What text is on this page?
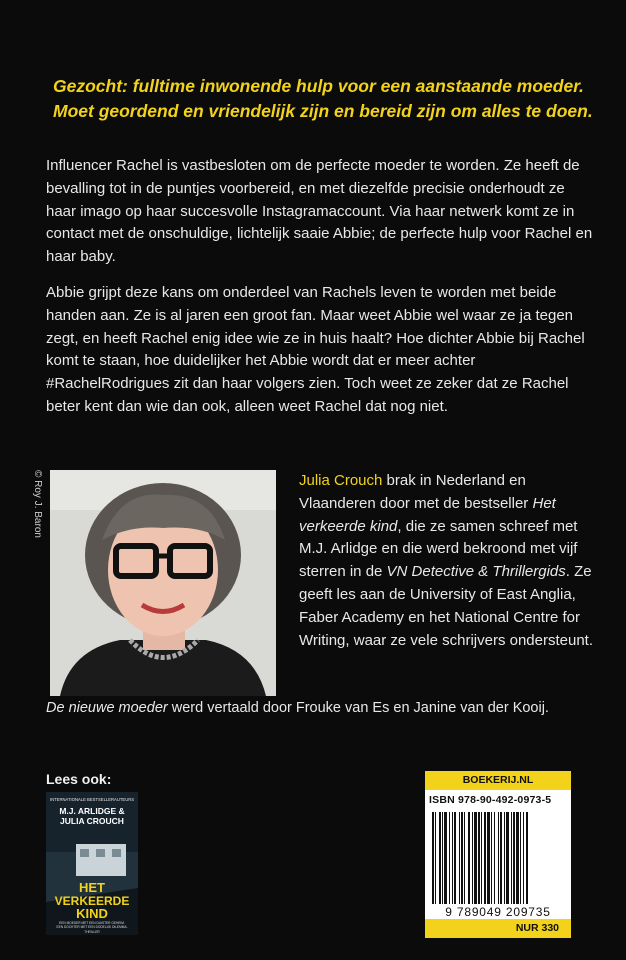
Gezocht: fulltime inwonende hulp voor een aanstaande moeder.
Moet geordend en vriendelijk zijn en bereid zijn om alles te doen.

Influencer Rachel is vastbesloten om de perfecte moeder te worden. Ze heeft de bevalling tot in de puntjes voorbereid, en met diezelfde precisie onderhoudt ze haar imago op haar succesvolle Instagramaccount. Via haar netwerk komt ze in contact met de onschuldige, lichtelijk saaie Abbie; de perfecte hulp voor Rachel en haar baby.

Abbie grijpt deze kans om onderdeel van Rachels leven te worden met beide handen aan. Ze is al jaren een groot fan. Maar weet Abbie wel waar ze ja tegen zegt, en heeft Rachel enig idee wie ze in huis haalt? Hoe dichter Abbie bij Rachel komt te staan, hoe duidelijker het Abbie wordt dat er meer achter #RachelRodrigues zit dan haar volgers zien. Toch weet ze zeker dat ze Rachel beter kent dan wie dan ook, alleen weet Rachel dat nog niet.

© Roy J. Baron	Julia Crouch brak in Nederland en Vlaanderen door met de bestseller Het verkeerde kind, die ze samen schreef met M.J. Arlidge en die werd bekroond met vijf sterren in de VN Detective & Thrillergids. Ze geeft les aan de University of East Anglia, Faber Academy en het National Centre for Writing, waar ze vele schrijvers ondersteunt.
De nieuwe moeder werd vertaald door Frouke van Es en Janine van der Kooij.
Lees ook:
INTERNATIONALE BESTSELLERAUTEURS
M.J. ARLIDGE &
JULIA CROUCH
HET
VERKEERDE
KIND
EEN MOEDER MET EEN DUISTER GEHEIM.
EEN DOCHTER MET EEN DODELIJK DILEMMA.
THRILLER
BOEKERIJ.NL
ISBN 978-90-492-0973-5
9 789049 209735
NUR 330
